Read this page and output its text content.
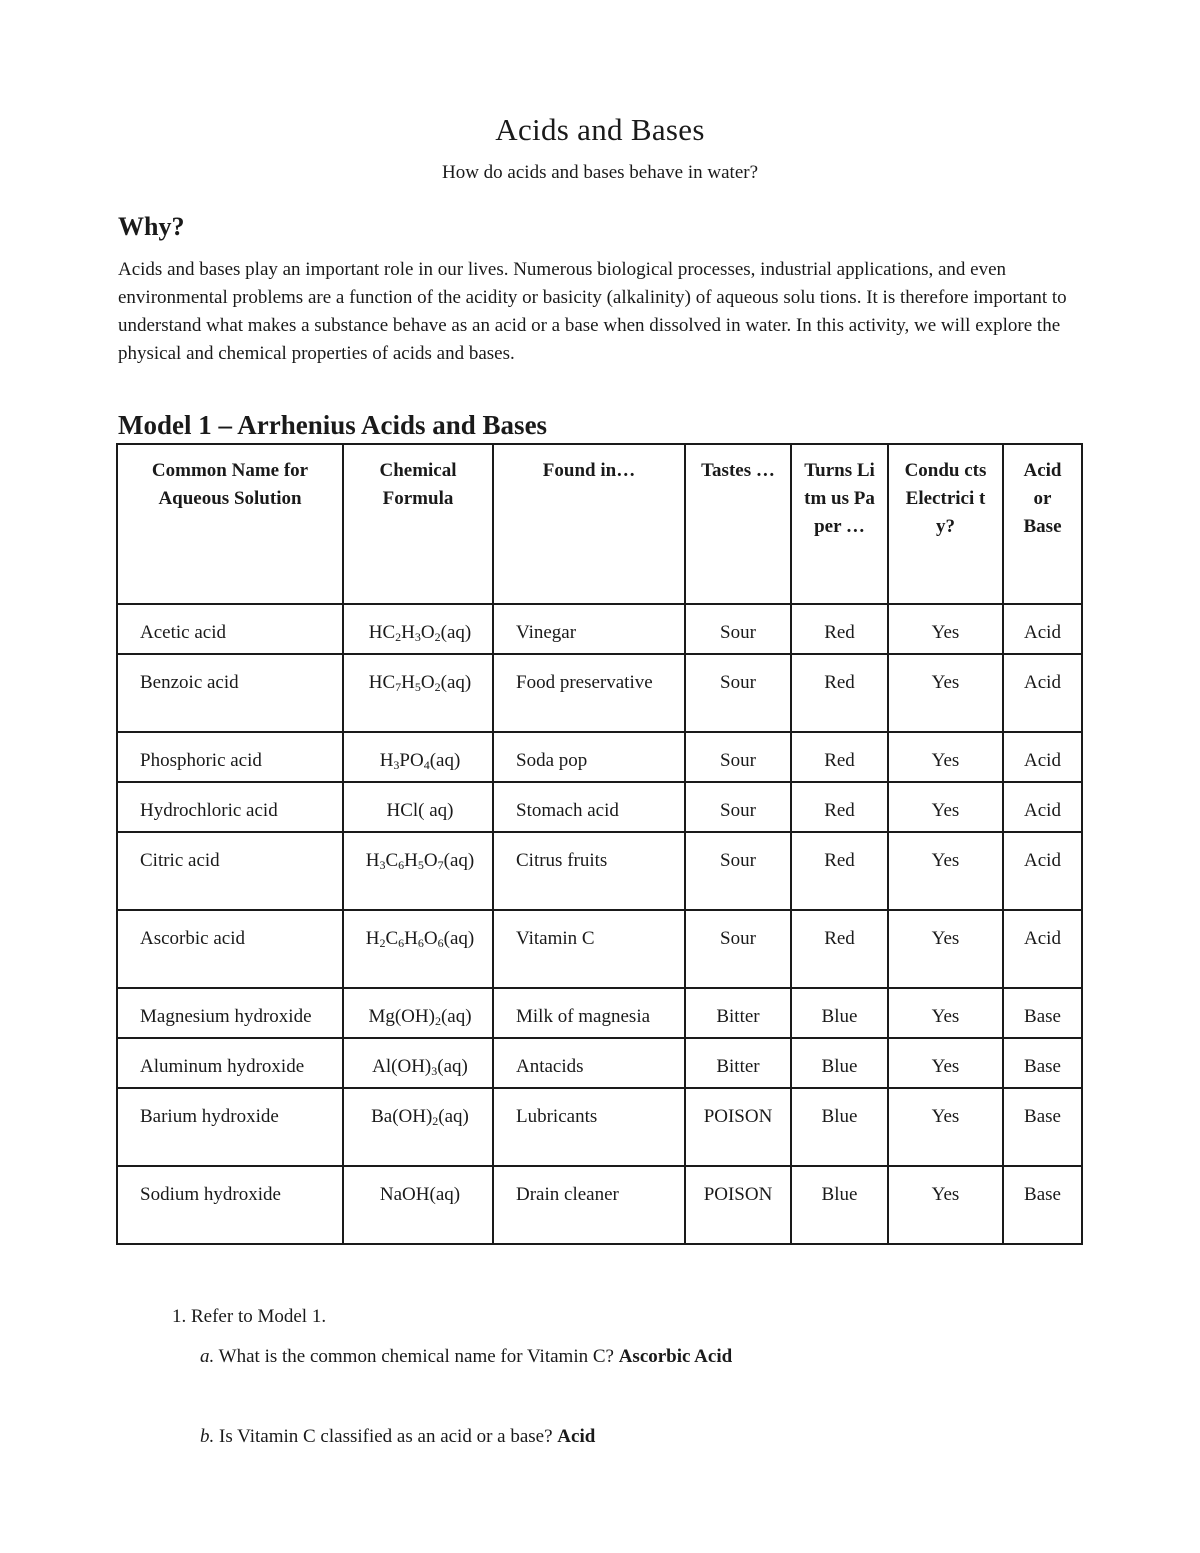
Acids and Bases
How do acids and bases behave in water?
Why?

Acids and bases play an important role in our lives. Numerous biological processes, industrial applications, and even environmental problems are a function of the acidity or basicity (alkalinity) of aqueous solu tions. It is therefore important to understand what makes a substance behave as an acid or a base when dissolved in water. In this activity, we will explore the physical and chemical properties of acids and bases.

Model 1 – Arrhenius Acids and Bases
Common Name for Aqueous Solution	Chemical Formula	Found in…	Tastes …	Turns Litm us Paper …	Condu cts Electrici ty?	Acid or Base
Acetic acid	$HC_2H_3O_2(aq)$	Vinegar	Sour	Red	Yes	Acid
Benzoic acid	$HC_7H_5O_2(aq)$	Food preservative	Sour	Red	Yes	Acid
Phosphoric acid	$H_3PO_4(aq)$	Soda pop	Sour	Red	Yes	Acid
Hydrochloric acid	HCl( aq)	Stomach acid	Sour	Red	Yes	Acid
Citric acid	$H_3C_6H_5O_7(aq)$	Citrus fruits	Sour	Red	Yes	Acid
Ascorbic acid	$H_2C_6H_6O_6(aq)$	Vitamin C	Sour	Red	Yes	Acid
Magnesium hydroxide	$Mg(OH)_2(aq)$	Milk of magnesia	Bitter	Blue	Yes	Base
Aluminum hydroxide	$Al(OH)_3(aq)$	Antacids	Bitter	Blue	Yes	Base
Barium hydroxide	$Ba(OH)_2(aq)$	Lubricants	POISON	Blue	Yes	Base
Sodium hydroxide	NaOH(aq)	Drain cleaner	POISON	Blue	Yes	Base
1. Refer to Model 1.
a. What is the common chemical name for Vitamin C? Ascorbic Acid
b. Is Vitamin C classified as an acid or a base? Acid
